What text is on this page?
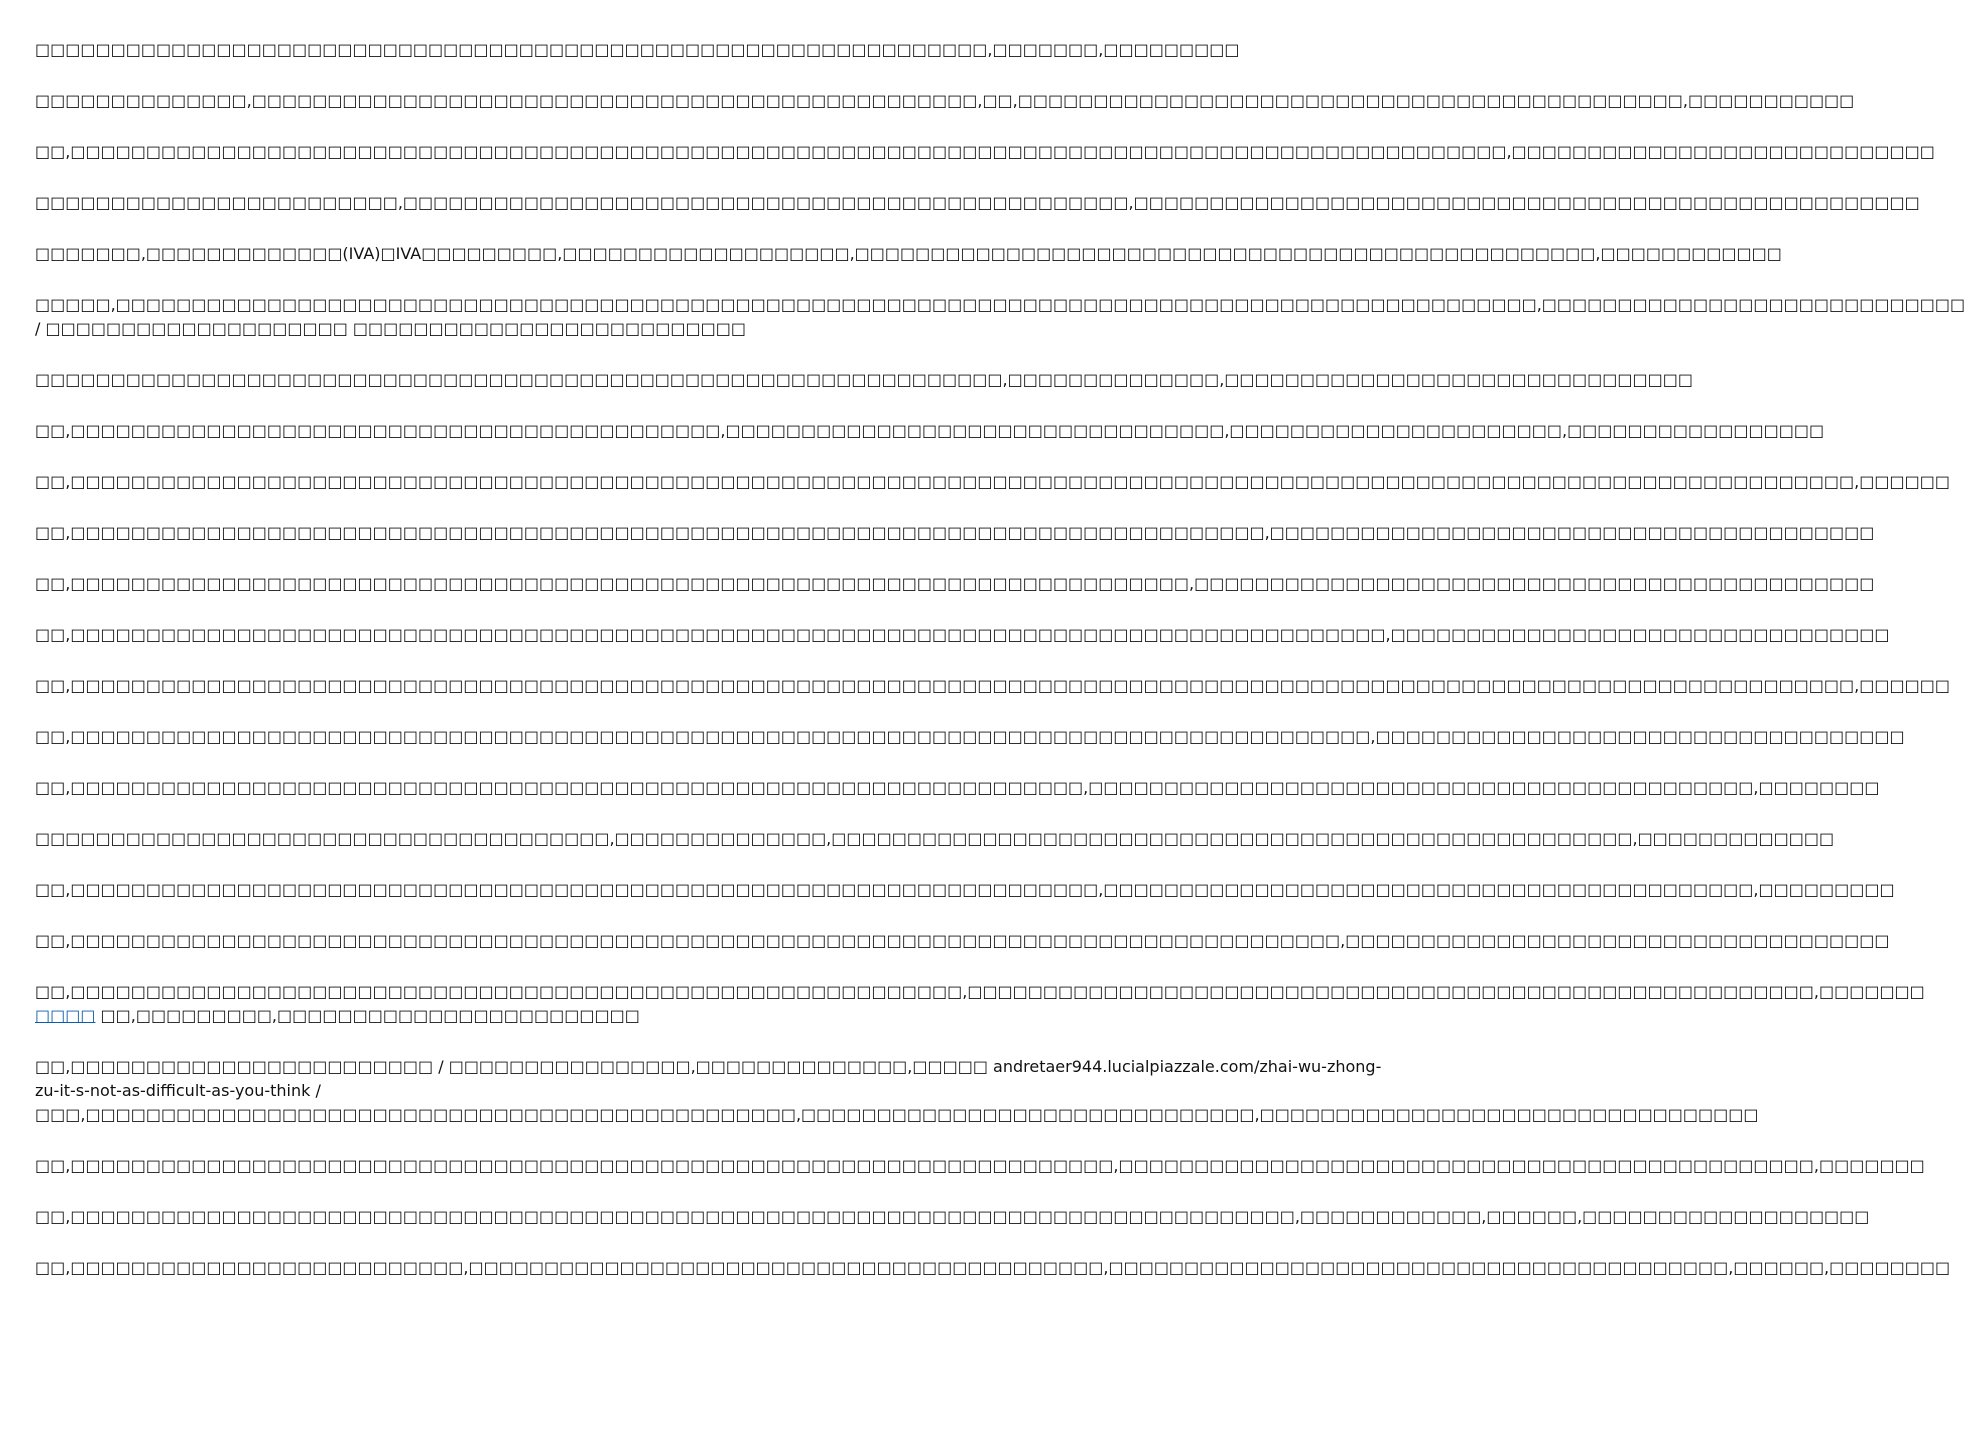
□□□□□□□□□□□□□□□□□□□□□□□□□□□□□□□□□□□□□□□□□□□□□□□□□□□□□□□□□□□□□□□,□□□□□□□,□□□□□□□□□
□□□□□□□□□□□□□□,□□□□□□□□□□□□□□□□□□□□□□□□□□□□□□□□□□□□□□□□□□□□□□□□,□□,□□□□□□□□□□□□□□□□□□□□□□□□□□□□□□□□□□□□□□□□□□□□,□□□□□□□□□□□
□□,□□□□□□□□□□□□□□□□□□□□□□□□□□□□□□□□□□□□□□□□□□□□□□□□□□□□□□□□□□□□□□□□□□□□□□□□□□□□□□□□□□□□□□□□□□□□□□□,□□□□□□□□□□□□□□□□□□□□□□□□□□□□
□□□□□□□□□□□□□□□□□□□□□□□□,□□□□□□□□□□□□□□□□□□□□□□□□□□□□□□□□□□□□□□□□□□□□□□□□,□□□□□□□□□□□□□□□□□□□□□□□□□□□□□□□□□□□□□□□□□□□□□□□□□□□□
□□□□□□□,□□□□□□□□□□□□□(IVA)□IVA□□□□□□□□□,□□□□□□□□□□□□□□□□□□□,□□□□□□□□□□□□□□□□□□□□□□□□□□□□□□□□□□□□□□□□□□□□□□□□□,□□□□□□□□□□□□
□□□□□,□□□□□□□□□□□□□□□□□□□□□□□□□□□□□□□□□□□□□□□□□□□□□□□□□□□□□□□□□□□□□□□□□□□□□□□□□□□□□□□□□□□□□□□□□□□□□□,□□□□□□□□□□□□□□□□□□□□□□□□□□□□
/ □□□□□□□□□□□□□□□□□□□□ □□□□□□□□□□□□□□□□□□□□□□□□□□
□□□□□□□□□□□□□□□□□□□□□□□□□□□□□□□□□□□□□□□□□□□□□□□□□□□□□□□□□□□□□□□□,□□□□□□□□□□□□□□,□□□□□□□□□□□□□□□□□□□□□□□□□□□□□□□
□□,□□□□□□□□□□□□□□□□□□□□□□□□□□□□□□□□□□□□□□□□□□□,□□□□□□□□□□□□□□□□□□□□□□□□□□□□□□□□□,□□□□□□□□□□□□□□□□□□□□□□,□□□□□□□□□□□□□□□□□
□□,□□□□□□□□□□□□□□□□□□□□□□□□□□□□□□□□□□□□□□□□□□□□□□□□□□□□□□□□□□□□□□□□□□□□□□□□□□□□□□□□□□□□□□□□□□□□□□□□□□□□□□□□□□□□□□□□□□□□□□,□□□□□□
□□,□□□□□□□□□□□□□□□□□□□□□□□□□□□□□□□□□□□□□□□□□□□□□□□□□□□□□□□□□□□□□□□□□□□□□□□□□□□□□□□,□□□□□□□□□□□□□□□□□□□□□□□□□□□□□□□□□□□□□□□□
□□,□□□□□□□□□□□□□□□□□□□□□□□□□□□□□□□□□□□□□□□□□□□□□□□□□□□□□□□□□□□□□□□□□□□□□□□□□□,□□□□□□□□□□□□□□□□□□□□□□□□□□□□□□□□□□□□□□□□□□□□□
□□,□□□□□□□□□□□□□□□□□□□□□□□□□□□□□□□□□□□□□□□□□□□□□□□□□□□□□□□□□□□□□□□□□□□□□□□□□□□□□□□□□□□□□□□,□□□□□□□□□□□□□□□□□□□□□□□□□□□□□□□□□
□□,□□□□□□□□□□□□□□□□□□□□□□□□□□□□□□□□□□□□□□□□□□□□□□□□□□□□□□□□□□□□□□□□□□□□□□□□□□□□□□□□□□□□□□□□□□□□□□□□□□□□□□□□□□□□□□□□□□□□□□,□□□□□□
□□,□□□□□□□□□□□□□□□□□□□□□□□□□□□□□□□□□□□□□□□□□□□□□□□□□□□□□□□□□□□□□□□□□□□□□□□□□□□□□□□□□□□□□□,□□□□□□□□□□□□□□□□□□□□□□□□□□□□□□□□□□□
□□,□□□□□□□□□□□□□□□□□□□□□□□□□□□□□□□□□□□□□□□□□□□□□□□□□□□□□□□□□□□□□□□□□□□,□□□□□□□□□□□□□□□□□□□□□□□□□□□□□□□□□□□□□□□□□□□□,□□□□□□□□
□□□□□□□□□□□□□□□□□□□□□□□□□□□□□□□□□□□□□□,□□□□□□□□□□□□□□,□□□□□□□□□□□□□□□□□□□□□□□□□□□□□□□□□□□□□□□□□□□□□□□□□□□□□,□□□□□□□□□□□□□
□□,□□□□□□□□□□□□□□□□□□□□□□□□□□□□□□□□□□□□□□□□□□□□□□□□□□□□□□□□□□□□□□□□□□□□,□□□□□□□□□□□□□□□□□□□□□□□□□□□□□□□□□□□□□□□□□□□,□□□□□□□□□
□□,□□□□□□□□□□□□□□□□□□□□□□□□□□□□□□□□□□□□□□□□□□□□□□□□□□□□□□□□□□□□□□□□□□□□□□□□□□□□□□□□□□□□,□□□□□□□□□□□□□□□□□□□□□□□□□□□□□□□□□□□□
□□,□□□□□□□□□□□□□□□□□□□□□□□□□□□□□□□□□□□□□□□□□□□□□□□□□□□□□□□□□□□,□□□□□□□□□□□□□□□□□□□□□□□□□□□□□□□□□□□□□□□□□□□□□□□□□□□□□□□□,□□□□□□□
□□□□ □□,□□□□□□□□□,□□□□□□□□□□□□□□□□□□□□□□□□
□□,□□□□□□□□□□□□□□□□□□□□□□□□ / □□□□□□□□□□□□□□□□,□□□□□□□□□□□□□□,□□□□□ andretaer944.lucialpiazzale.com/zhai-wu-zhong-
zu-it-s-not-as-difficult-as-you-think /
□□□,□□□□□□□□□□□□□□□□□□□□□□□□□□□□□□□□□□□□□□□□□□□□□□□,□□□□□□□□□□□□□□□□□□□□□□□□□□□□□□,□□□□□□□□□□□□□□□□□□□□□□□□□□□□□□□□□
□□,□□□□□□□□□□□□□□□□□□□□□□□□□□□□□□□□□□□□□□□□□□□□□□□□□□□□□□□□□□□□□□□□□□□□□,□□□□□□□□□□□□□□□□□□□□□□□□□□□□□□□□□□□□□□□□□□□□□□,□□□□□□□
□□,□□□□□□□□□□□□□□□□□□□□□□□□□□□□□□□□□□□□□□□□□□□□□□□□□□□□□□□□□□□□□□□□□□□□□□□□□□□□□□□□□,□□□□□□□□□□□□,□□□□□□,□□□□□□□□□□□□□□□□□□□
□□,□□□□□□□□□□□□□□□□□□□□□□□□□□,□□□□□□□□□□□□□□□□□□□□□□□□□□□□□□□□□□□□□□□□□□,□□□□□□□□□□□□□□□□□□□□□□□□□□□□□□□□□□□□□□□□□,□□□□□□,□□□□□□□□
